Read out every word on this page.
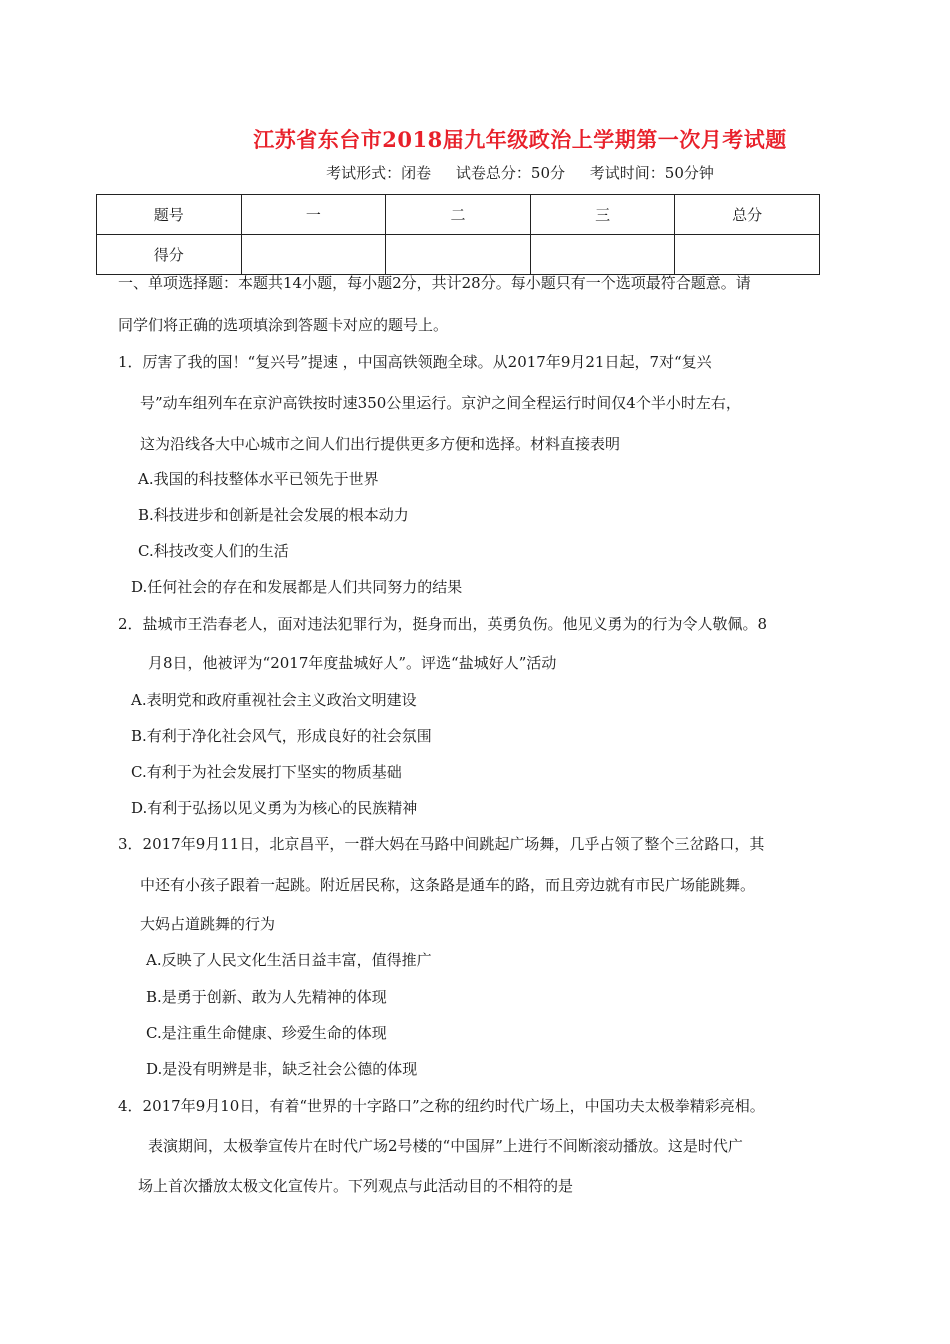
江苏省东台市2018届九年级政治上学期第一次月考试题
考试形式：闭卷 试卷总分：50分 考试时间：50分钟
题号	一	二	三	总分
得分				
一、单项选择题：本题共14小题，每小题2分，共计28分。每小题只有一个选项最符合题意。请
同学们将正确的选项填涂到答题卡对应的题号上。
1．厉害了我的国！“复兴号”提速 ，中国高铁领跑全球。从2017年9月21日起，7对“复兴
号”动车组列车在京沪高铁按时速350公里运行。京沪之间全程运行时间仅4个半小时左右，
这为沿线各大中心城市之间人们出行提供更多方便和选择。材料直接表明
A.我国的科技整体水平已领先于世界
B.科技进步和创新是社会发展的根本动力
C.科技改变人们的生活
D.任何社会的存在和发展都是人们共同努力的结果
2．盐城市王浩春老人，面对违法犯罪行为，挺身而出，英勇负伤。他见义勇为的行为令人敬佩。8
月8日，他被评为“2017年度盐城好人”。评选“盐城好人”活动
A.表明党和政府重视社会主义政治文明建设
B.有利于净化社会风气，形成良好的社会氛围
C.有利于为社会发展打下坚实的物质基础
D.有利于弘扬以见义勇为为核心的民族精神
3．2017年9月11日，北京昌平，一群大妈在马路中间跳起广场舞，几乎占领了整个三岔路口，其
中还有小孩子跟着一起跳。附近居民称，这条路是通车的路，而且旁边就有市民广场能跳舞。
大妈占道跳舞的行为
A.反映了人民文化生活日益丰富，值得推广
B.是勇于创新、敢为人先精神的体现
C.是注重生命健康、珍爱生命的体现
D.是没有明辨是非，缺乏社会公德的体现
4．2017年9月10日，有着“世界的十字路口”之称的纽约时代广场上，中国功夫太极拳精彩亮相。
表演期间，太极拳宣传片在时代广场2号楼的“中国屏”上进行不间断滚动播放。这是时代广
场上首次播放太极文化宣传片。下列观点与此活动目的不相符的是
